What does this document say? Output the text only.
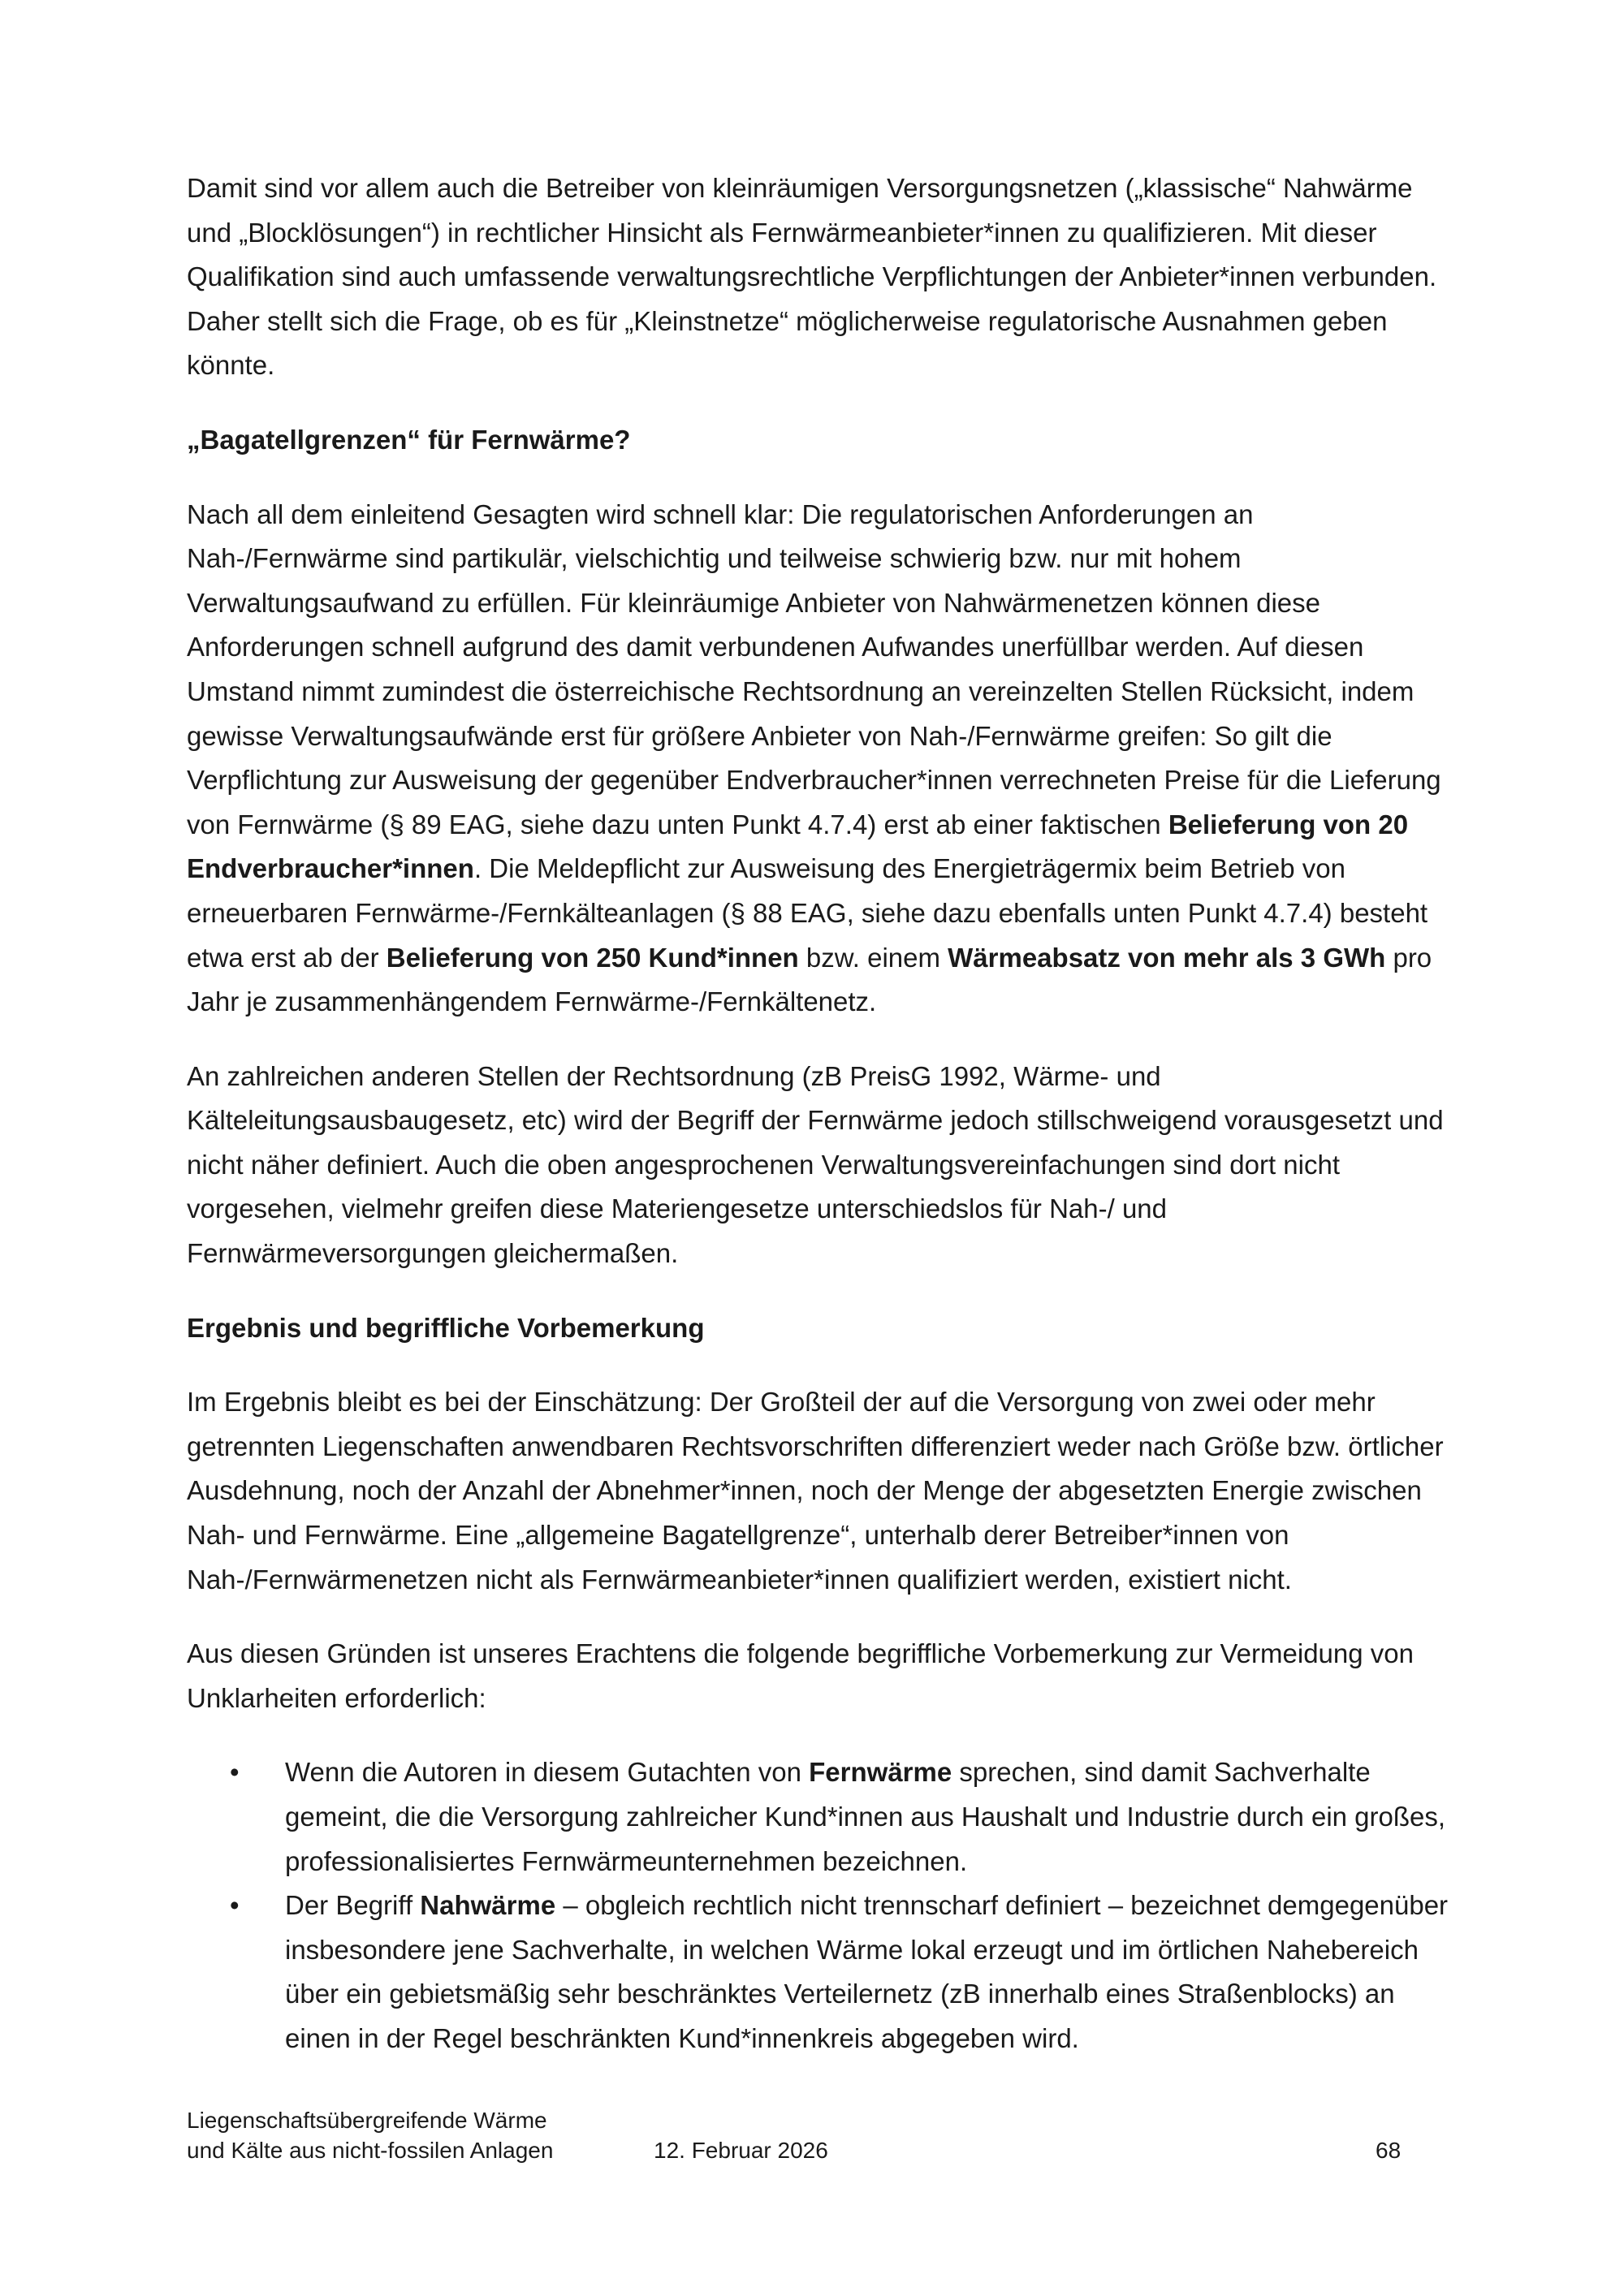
Damit sind vor allem auch die Betreiber von kleinräumigen Versorgungsnetzen („klassische“ Nahwärme und „Blocklösungen“) in rechtlicher Hinsicht als Fernwärmeanbieter*innen zu qualifizieren. Mit dieser Qualifikation sind auch umfassende verwaltungsrechtliche Verpflichtungen der Anbieter*innen verbunden. Daher stellt sich die Frage, ob es für „Kleinstnetze“ möglicherweise regulatorische Ausnahmen geben könnte.

„Bagatellgrenzen“ für Fernwärme?

Nach all dem einleitend Gesagten wird schnell klar: Die regulatorischen Anforderungen an Nah-/Fernwärme sind partikulär, vielschichtig und teilweise schwierig bzw. nur mit hohem Verwaltungsaufwand zu erfüllen. Für kleinräumige Anbieter von Nahwärmenetzen können diese Anforderungen schnell aufgrund des damit verbundenen Aufwandes unerfüllbar werden. Auf diesen Umstand nimmt zumindest die österreichische Rechtsordnung an vereinzelten Stellen Rücksicht, indem gewisse Verwaltungsaufwände erst für größere Anbieter von Nah-/Fernwärme greifen: So gilt die Verpflichtung zur Ausweisung der gegenüber Endverbraucher*innen verrechneten Preise für die Lieferung von Fernwärme (§ 89 EAG, siehe dazu unten Punkt 4.7.4) erst ab einer faktischen Belieferung von 20 Endverbraucher*innen. Die Meldepflicht zur Ausweisung des Energieträgermix beim Betrieb von erneuerbaren Fernwärme-/Fernkälteanlagen (§ 88 EAG, siehe dazu ebenfalls unten Punkt 4.7.4) besteht etwa erst ab der Belieferung von 250 Kund*innen bzw. einem Wärmeabsatz von mehr als 3 GWh pro Jahr je zusammenhängendem Fernwärme-/Fernkältenetz.

An zahlreichen anderen Stellen der Rechtsordnung (zB PreisG 1992, Wärme- und Kälteleitungsausbaugesetz, etc) wird der Begriff der Fernwärme jedoch stillschweigend vorausgesetzt und nicht näher definiert. Auch die oben angesprochenen Verwaltungsvereinfachungen sind dort nicht vorgesehen, vielmehr greifen diese Materiengesetze unterschiedslos für Nah-/ und Fernwärmeversorgungen gleichermaßen.

Ergebnis und begriffliche Vorbemerkung

Im Ergebnis bleibt es bei der Einschätzung: Der Großteil der auf die Versorgung von zwei oder mehr getrennten Liegenschaften anwendbaren Rechtsvorschriften differenziert weder nach Größe bzw. örtlicher Ausdehnung, noch der Anzahl der Abnehmer*innen, noch der Menge der abgesetzten Energie zwischen Nah- und Fernwärme. Eine „allgemeine Bagatellgrenze“, unterhalb derer Betreiber*innen von Nah-/Fernwärmenetzen nicht als Fernwärmeanbieter*innen qualifiziert werden, existiert nicht.

Aus diesen Gründen ist unseres Erachtens die folgende begriffliche Vorbemerkung zur Vermeidung von Unklarheiten erforderlich:

• Wenn die Autoren in diesem Gutachten von Fernwärme sprechen, sind damit Sachverhalte gemeint, die die Versorgung zahlreicher Kund*innen aus Haushalt und Industrie durch ein großes, professionalisiertes Fernwärmeunternehmen bezeichnen.
• Der Begriff Nahwärme – obgleich rechtlich nicht trennscharf definiert – bezeichnet demgegenüber insbesondere jene Sachverhalte, in welchen Wärme lokal erzeugt und im örtlichen Nahebereich über ein gebietsmäßig sehr beschränktes Verteilernetz (zB innerhalb eines Straßenblocks) an einen in der Regel beschränkten Kund*innenkreis abgegeben wird.
Liegenschaftsübergreifende Wärme
und Kälte aus nicht-fossilen Anlagen	12. Februar 2026	68
